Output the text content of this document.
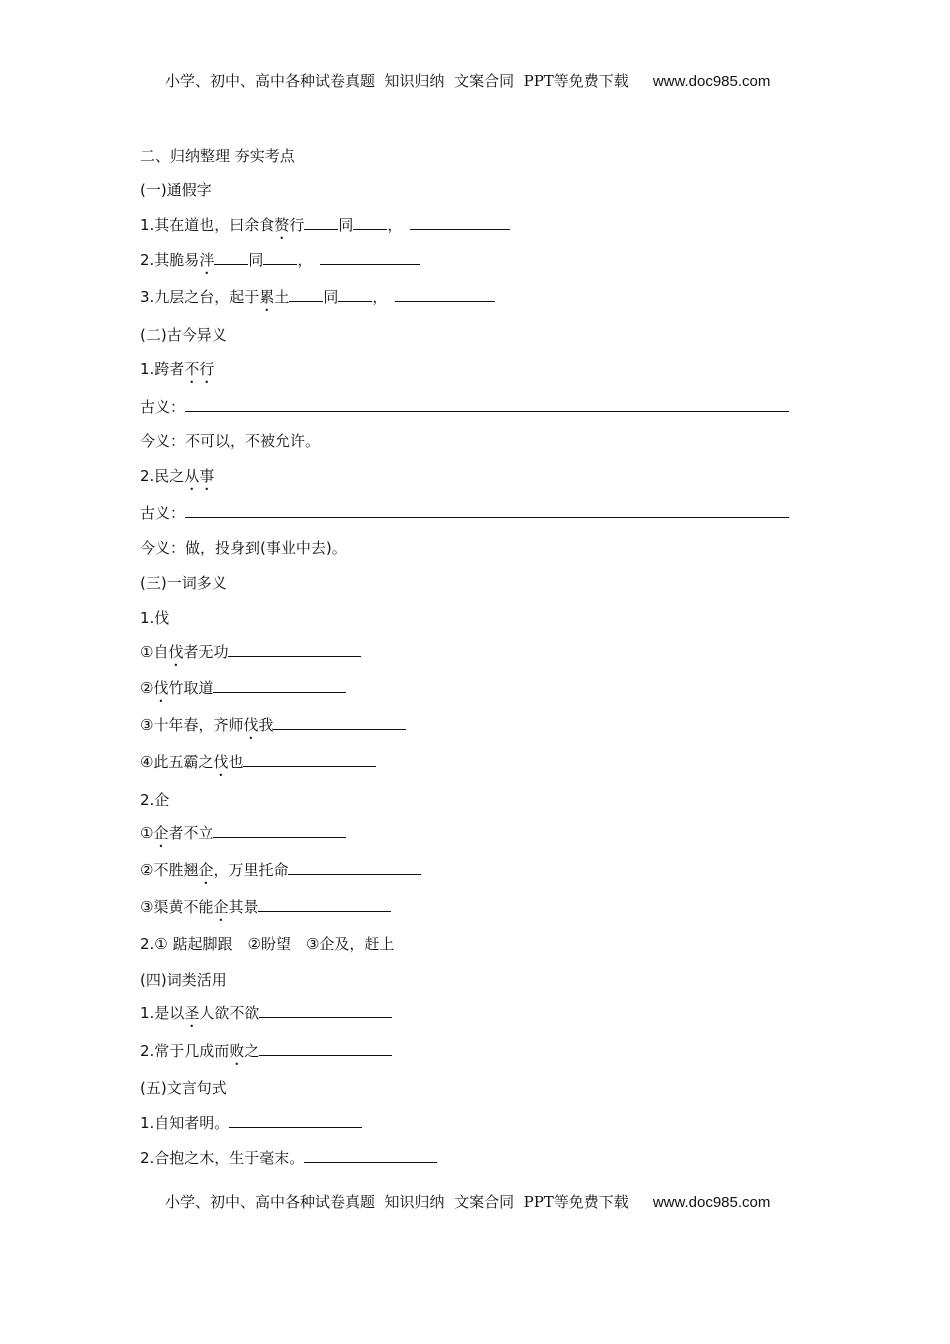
小学、初中、高中各种试卷真题  知识归纳  文案合同  PPT等免费下载 www.doc985.com
二、归纳整理 夯实考点
(一)通假字
1.其在道也，曰余食赘行 同 ，　
2.其脆易泮 同 ，　
3.九层之台，起于累土 同 ，　
(二)古今异义
1.跨者不行
古义：
今义：不可以，不被允许。
2.民之从事
古义：
今义：做，投身到(事业中去)。
(三)一词多义
1.伐
①自伐者无功
②伐竹取道
③十年春，齐师伐我
④此五霸之伐也
2.企
①企者不立
②不胜翘企，万里托命
③渠黄不能企其景
2.① 踮起脚跟　②盼望　③企及，赶上
(四)词类活用
1.是以圣人欲不欲
2.常于几成而败之
(五)文言句式
1.自知者明。
2.合抱之木，生于毫末。
小学、初中、高中各种试卷真题  知识归纳  文案合同  PPT等免费下载 www.doc985.com
